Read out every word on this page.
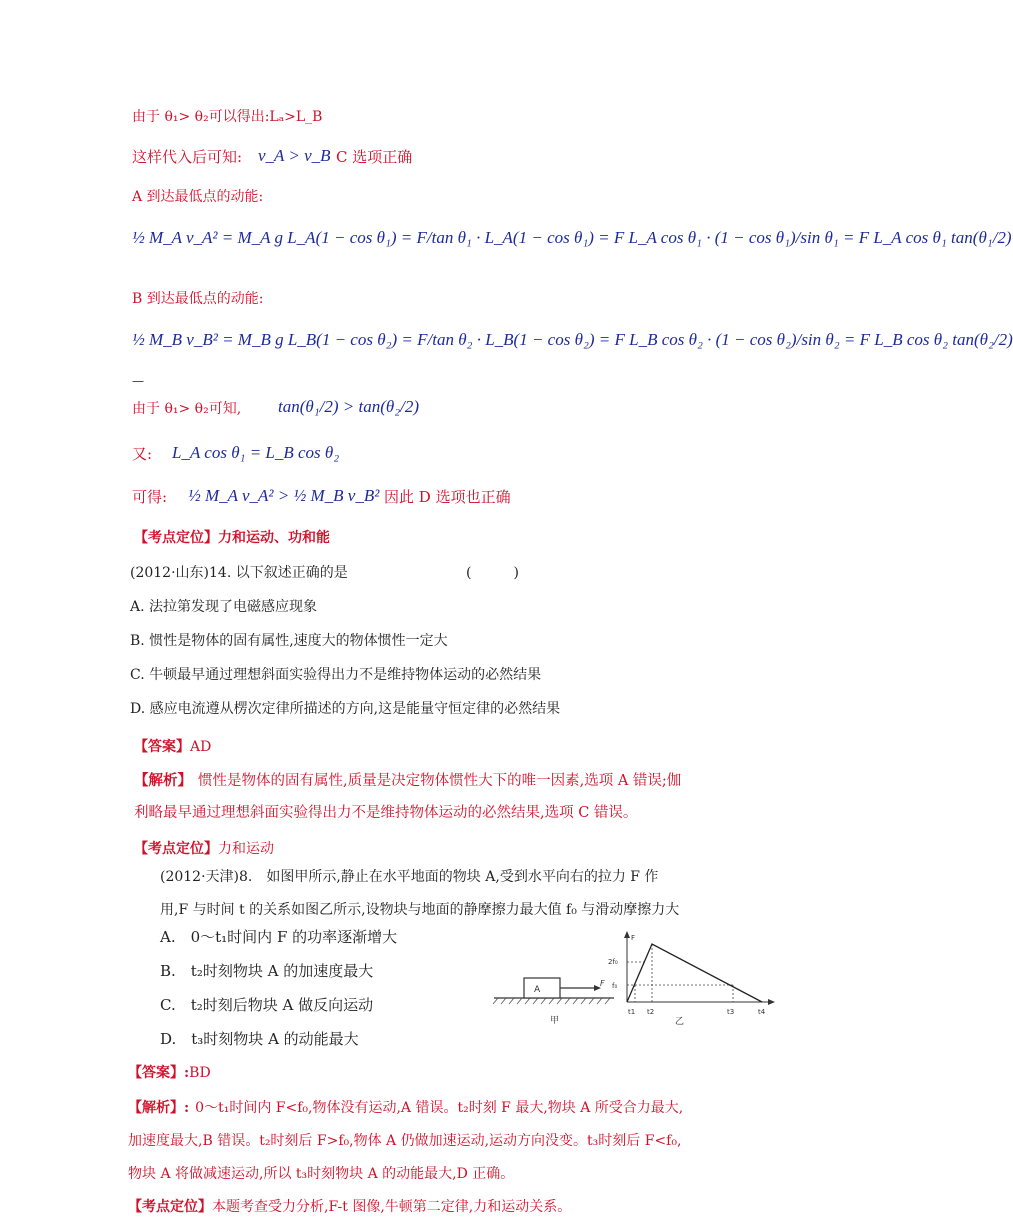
由于 θ₁> θ₂可以得出:Lₐ>L_B
这样代入后可知: v_A > v_B C 选项正确
A 到达最低点的动能:
½ M_A v_A² = M_A g L_A(1 − cos θ₁) = F/tan θ₁ · L_A(1 − cos θ₁) = F L_A cos θ₁ · (1 − cos θ₁)/sin θ₁ = F L_A cos θ₁ tan(θ₁/2)
B 到达最低点的动能:
½ M_B v_B² = M_B g L_B(1 − cos θ₂) = F/tan θ₂ · L_B(1 − cos θ₂) = F L_B cos θ₂ · (1 − cos θ₂)/sin θ₂ = F L_B cos θ₂ tan(θ₂/2)
—
由于 θ₁> θ₂可知, tan(θ₁/2) > tan(θ₂/2)
又: L_A cos θ₁ = L_B cos θ₂
可得: ½ M_A v_A² > ½ M_B v_B² 因此 D 选项也正确
【考点定位】力和运动、功和能
(2012·山东)14. 以下叙述正确的是	(　　　)
A. 法拉第发现了电磁感应现象
B. 惯性是物体的固有属性,速度大的物体惯性一定大
C. 牛顿最早通过理想斜面实验得出力不是维持物体运动的必然结果
D. 感应电流遵从楞次定律所描述的方向,这是能量守恒定律的必然结果
【答案】AD
【解析】 惯性是物体的固有属性,质量是决定物体惯性大下的唯一因素,选项 A 错误;伽
利略最早通过理想斜面实验得出力不是维持物体运动的必然结果,选项 C 错误。
【考点定位】力和运动
(2012·天津)8.　如图甲所示,静止在水平地面的物块 A,受到水平向右的拉力 F 作
用,F 与时间 t 的关系如图乙所示,设物块与地面的静摩擦力最大值 f₀ 与滑动摩擦力大
A.　0～t₁时间内 F 的功率逐渐增大
B.　t₂时刻物块 A 的加速度最大
C.　t₂时刻后物块 A 做反向运动
D.　t₃时刻物块 A 的动能最大
A
F
甲
F
2f₀
f₀
t1 t2	t3	t4
乙
【答案】:BD
【解析】: 0～t₁时间内 F<f₀,物体没有运动,A 错误。t₂时刻 F 最大,物块 A 所受合力最大,
加速度最大,B 错误。t₂时刻后 F>f₀,物体 A 仍做加速运动,运动方向没变。t₃时刻后 F<f₀,
物块 A 将做减速运动,所以 t₃时刻物块 A 的动能最大,D 正确。
【考点定位】本题考查受力分析,F-t 图像,牛顿第二定律,力和运动关系。
